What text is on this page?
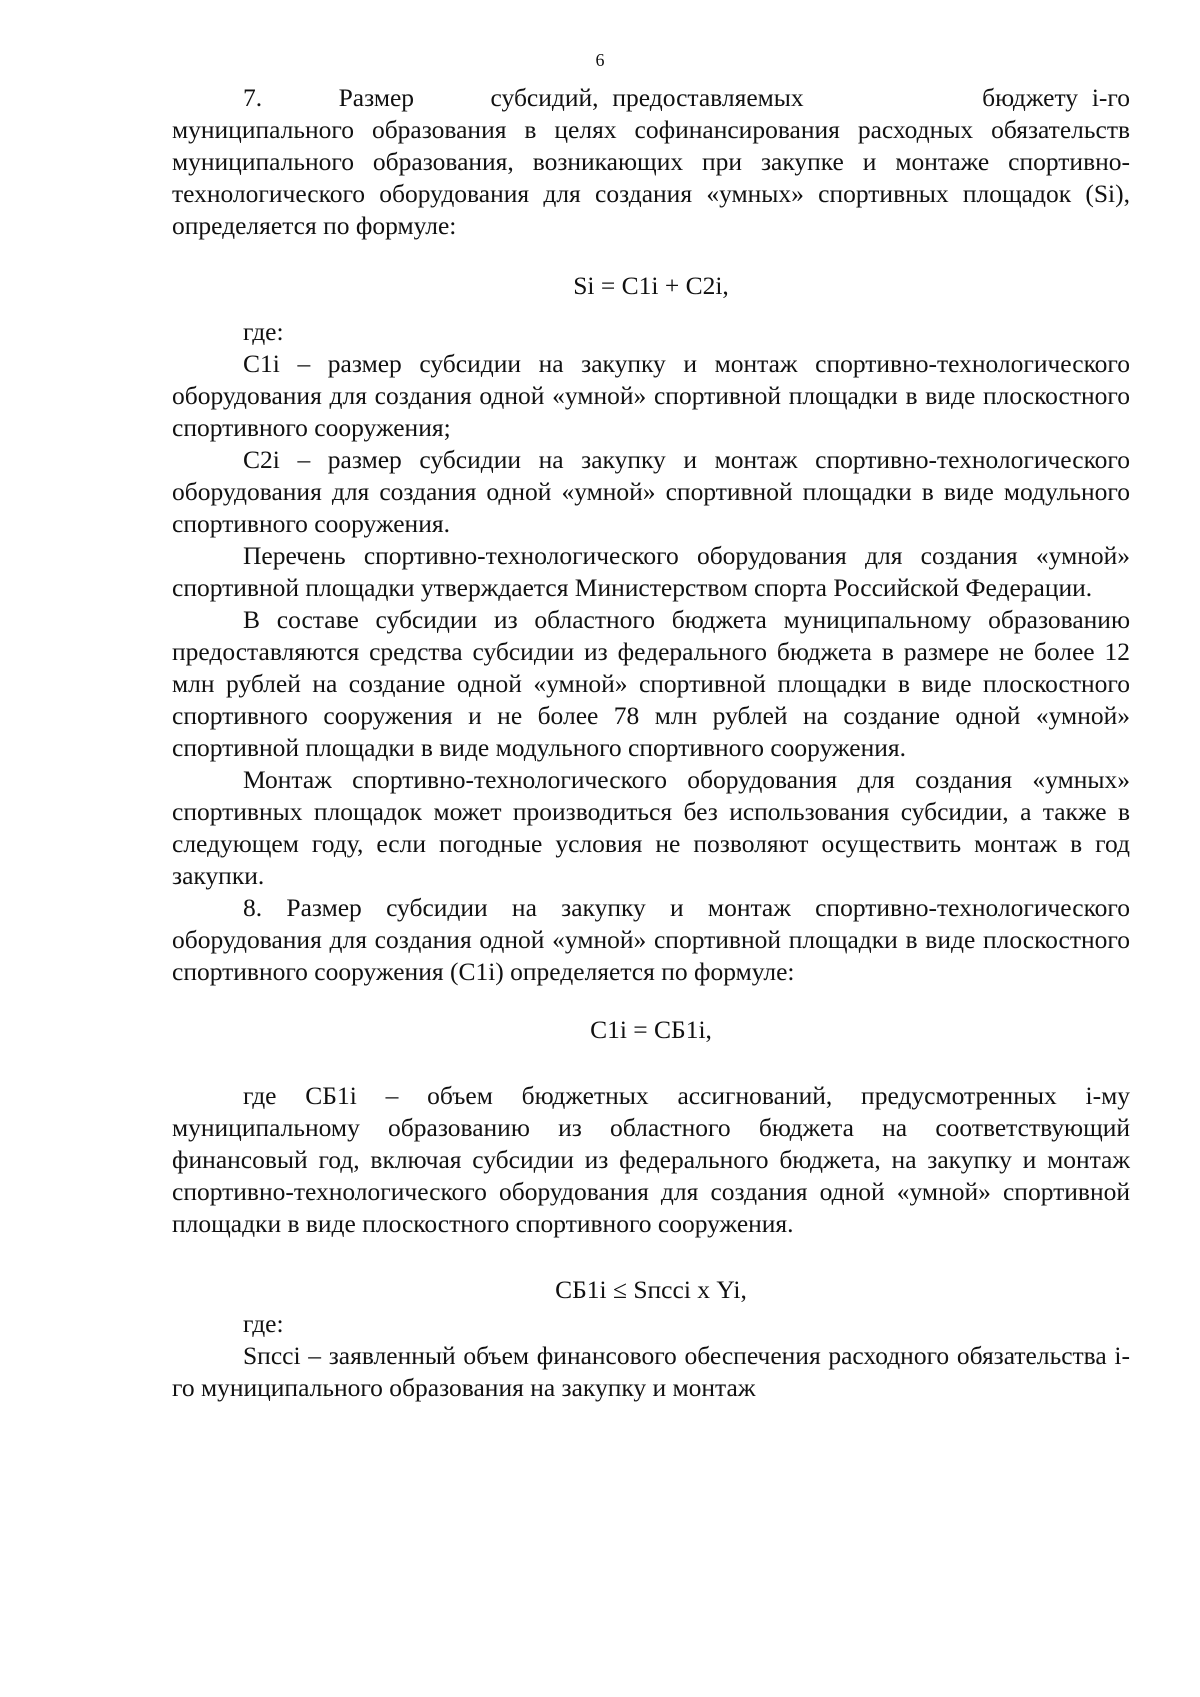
6

7.   Размер   субсидий, предоставляемых       бюджету i-го муниципального образования в целях софинансирования расходных обязательств муниципального образования, возникающих при закупке и монтаже спортивно-технологического оборудования для создания «умных» спортивных площадок (Si), определяется по формуле:

Si = С1i + С2i,

где:

С1i – размер субсидии на закупку и монтаж спортивно-технологического оборудования для создания одной «умной» спортивной площадки в виде плоскостного спортивного сооружения;

С2i – размер субсидии на закупку и монтаж спортивно-технологического оборудования для создания одной «умной» спортивной площадки в виде модульного спортивного сооружения.

Перечень спортивно-технологического оборудования для создания «умной» спортивной площадки утверждается Министерством спорта Российской Федерации.

В составе субсидии из областного бюджета муниципальному образованию предоставляются средства субсидии из федерального бюджета в размере не более 12 млн рублей на создание одной «умной» спортивной площадки в виде плоскостного спортивного сооружения и не более 78 млн рублей на создание одной «умной» спортивной площадки в виде модульного спортивного сооружения.

Монтаж спортивно-технологического оборудования для создания «умных» спортивных площадок может производиться без использования субсидии, а также в следующем году, если погодные условия не позволяют осуществить монтаж в год закупки.

8. Размер субсидии на закупку и монтаж спортивно-технологического оборудования для создания одной «умной» спортивной площадки в виде плоскостного спортивного сооружения (С1i) определяется по формуле:

С1i = СБ1i,

где СБ1i – объем бюджетных ассигнований, предусмотренных i-му муниципальному образованию из областного бюджета на соответствующий финансовый год, включая субсидии из федерального бюджета, на закупку и монтаж спортивно-технологического оборудования для создания одной «умной» спортивной площадки в виде плоскостного спортивного сооружения.

СБ1i ≤ Sпссi х Yi,

где:

Sпссi – заявленный объем финансового обеспечения расходного обязательства i-го муниципального образования на закупку и монтаж
